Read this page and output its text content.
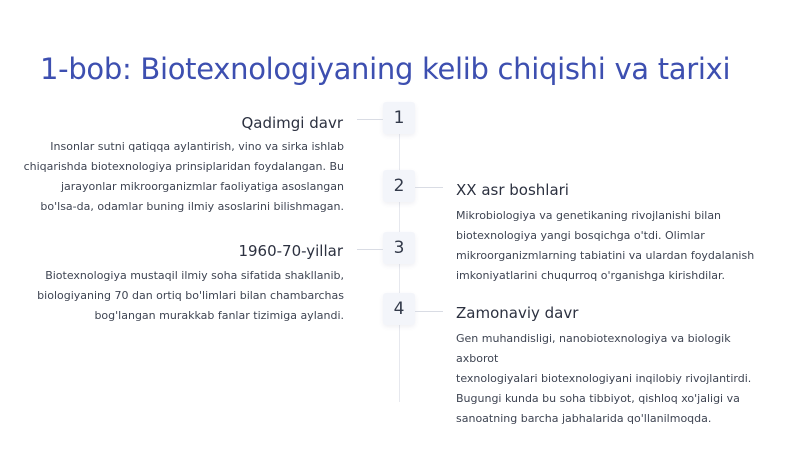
1-bob: Biotexnologiyaning kelib chiqishi va tarixi
1
Qadimgi davr
Insonlar sutni qatiqqa aylantirish, vino va sirka ishlab
chiqarishda biotexnologiya prinsiplaridan foydalangan. Bu
jarayonlar mikroorganizmlar faoliyatiga asoslangan
bo'lsa-da, odamlar buning ilmiy asoslarini bilishmagan.
2	XX asr boshlari
Mikrobiologiya va genetikaning rivojlanishi bilan
biotexnologiya yangi bosqichga o'tdi. Olimlar
mikroorganizmlarning tabiatini va ulardan foydalanish
imkoniyatlarini chuqurroq o'rganishga kirishdilar.
3
1960-70-yillar
Biotexnologiya mustaqil ilmiy soha sifatida shakllanib,
biologiyaning 70 dan ortiq bo'limlari bilan chambarchas
bog'langan murakkab fanlar tizimiga aylandi.	4	Zamonaviy davr
Gen muhandisligi, nanobiotexnologiya va biologik axborot
texnologiyalari biotexnologiyani inqilobiy rivojlantirdi.
Bugungi kunda bu soha tibbiyot, qishloq xo'jaligi va
sanoatning barcha jabhalarida qo'llanilmoqda.
